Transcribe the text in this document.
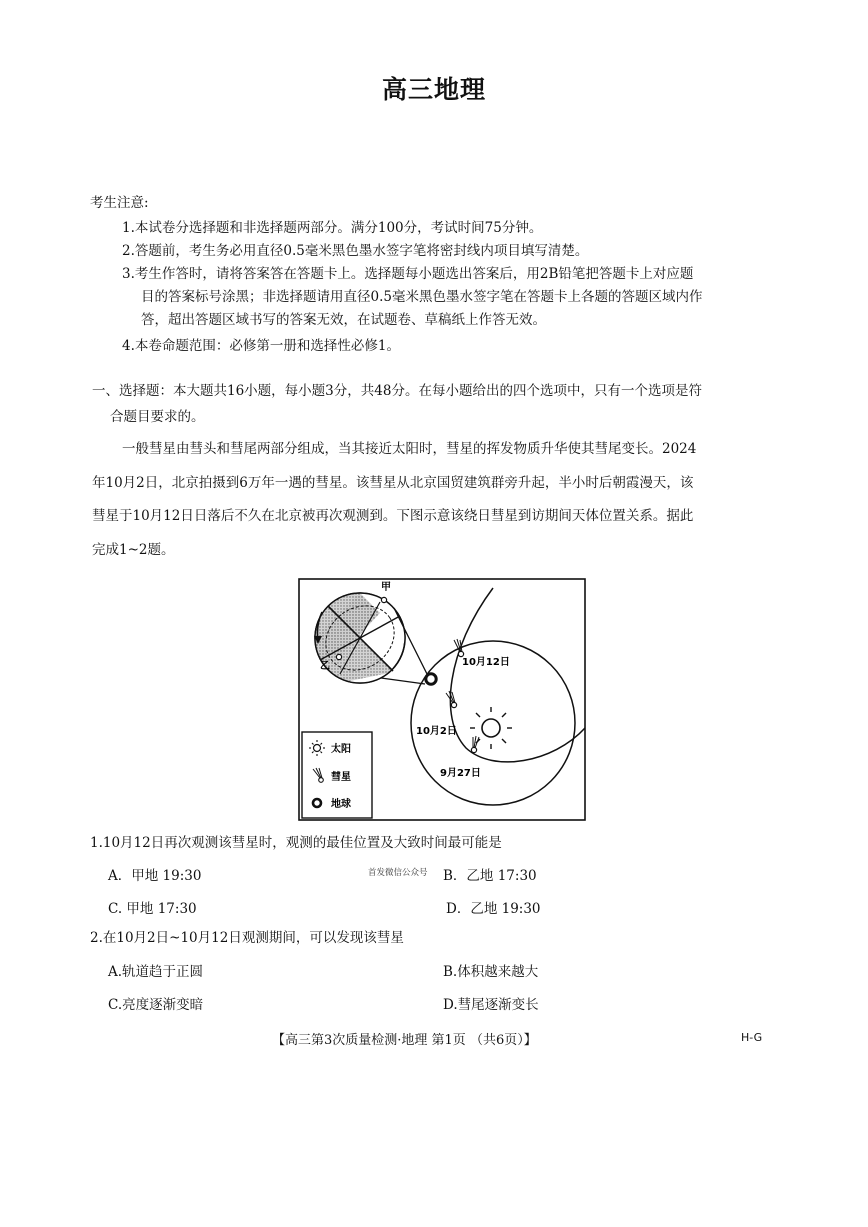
高三地理
考生注意:
1.本试卷分选择题和非选择题两部分。满分100分，考试时间75分钟。
2.答题前，考生务必用直径0.5毫米黑色墨水签字笔将密封线内项目填写清楚。
3.考生作答时，请将答案答在答题卡上。选择题每小题选出答案后，用2B铅笔把答题卡上对应题
目的答案标号涂黑；非选择题请用直径0.5毫米黑色墨水签字笔在答题卡上各题的答题区域内作
答，超出答题区域书写的答案无效，在试题卷、草稿纸上作答无效。
4.本卷命题范围：必修第一册和选择性必修1。
一、选择题：本大题共16小题，每小题3分，共48分。在每小题给出的四个选项中，只有一个选项是符
合题目要求的。
一般彗星由彗头和彗尾两部分组成，当其接近太阳时，彗星的挥发物质升华使其彗尾变长。2024
年10月2日，北京拍摄到6万年一遇的彗星。该彗星从北京国贸建筑群旁升起，半小时后朝霞漫天，该
彗星于10月12日日落后不久在北京被再次观测到。下图示意该绕日彗星到访期间天体位置关系。据此
完成1~2题。
甲
乙	10月12日
10月2日
9月27日
太阳
彗星
地球
1.10月12日再次观测该彗星时，观测的最佳位置及大致时间最可能是
A．甲地 19:30	首发微信公众号 B．乙地 17:30
C. 甲地 17:30	D．乙地 19:30
2.在10月2日~10月12日观测期间，可以发现该彗星
A.轨道趋于正圆	B.体积越来越大
C.亮度逐渐变暗	D.彗尾逐渐变长
【高三第3次质量检测·地理 第1页 （共6页）】	H-G
